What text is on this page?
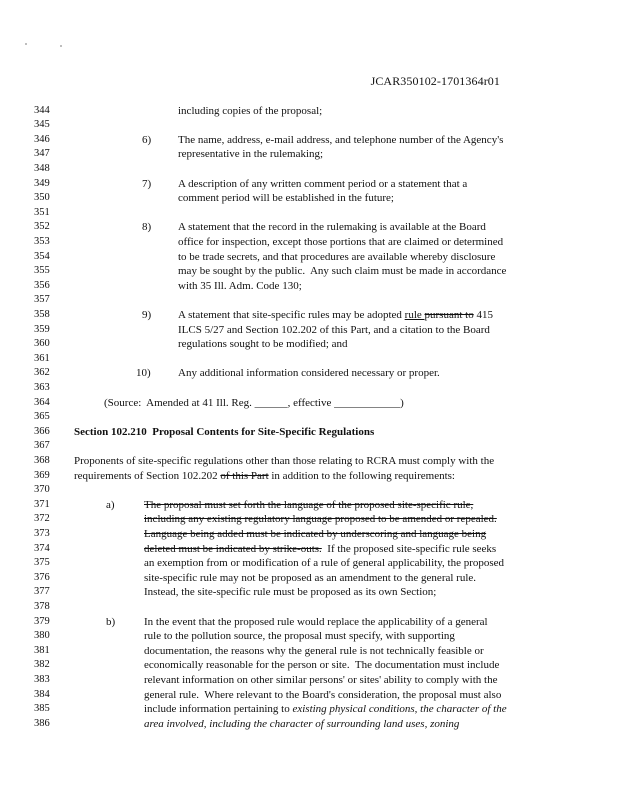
JCAR350102-1701364r01
344	including copies of the proposal;
345
346	6) The name, address, e-mail address, and telephone number of the Agency's
347	representative in the rulemaking;
348
349	7) A description of any written comment period or a statement that a
350	comment period will be established in the future;
351
352	8) A statement that the record in the rulemaking is available at the Board
353	office for inspection, except those portions that are claimed or determined
354	to be trade secrets, and that procedures are available whereby disclosure
355	may be sought by the public.  Any such claim must be made in accordance
356	with 35 Ill. Adm. Code 130;
357
358	9) A statement that site-specific rules may be adopted rule pursuant to 415
359	ILCS 5/27 and Section 102.202 of this Part, and a citation to the Board
360	regulations sought to be modified; and
361
362	10) Any additional information considered necessary or proper.
363
364	(Source:  Amended at 41 Ill. Reg. ______, effective ____________)
365
366	Section 102.210  Proposal Contents for Site-Specific Regulations
367
368	Proponents of site-specific regulations other than those relating to RCRA must comply with the
369	requirements of Section 102.202 of this Part in addition to the following requirements:
370
371	a)	The proposal must set forth the language of the proposed site-specific rule,
372	including any existing regulatory language proposed to be amended or repealed.
373	Language being added must be indicated by underscoring and language being
374	deleted must be indicated by strike-outs.  If the proposed site-specific rule seeks
375	an exemption from or modification of a rule of general applicability, the proposed
376	site-specific rule may not be proposed as an amendment to the general rule.
377	Instead, the site-specific rule must be proposed as its own Section;
378
379	b)	In the event that the proposed rule would replace the applicability of a general
380	rule to the pollution source, the proposal must specify, with supporting
381	documentation, the reasons why the general rule is not technically feasible or
382	economically reasonable for the person or site.  The documentation must include
383	relevant information on other similar persons' or sites' ability to comply with the
384	general rule.  Where relevant to the Board's consideration, the proposal must also
385	include information pertaining to existing physical conditions, the character of the
386	area involved, including the character of surrounding land uses, zoning
